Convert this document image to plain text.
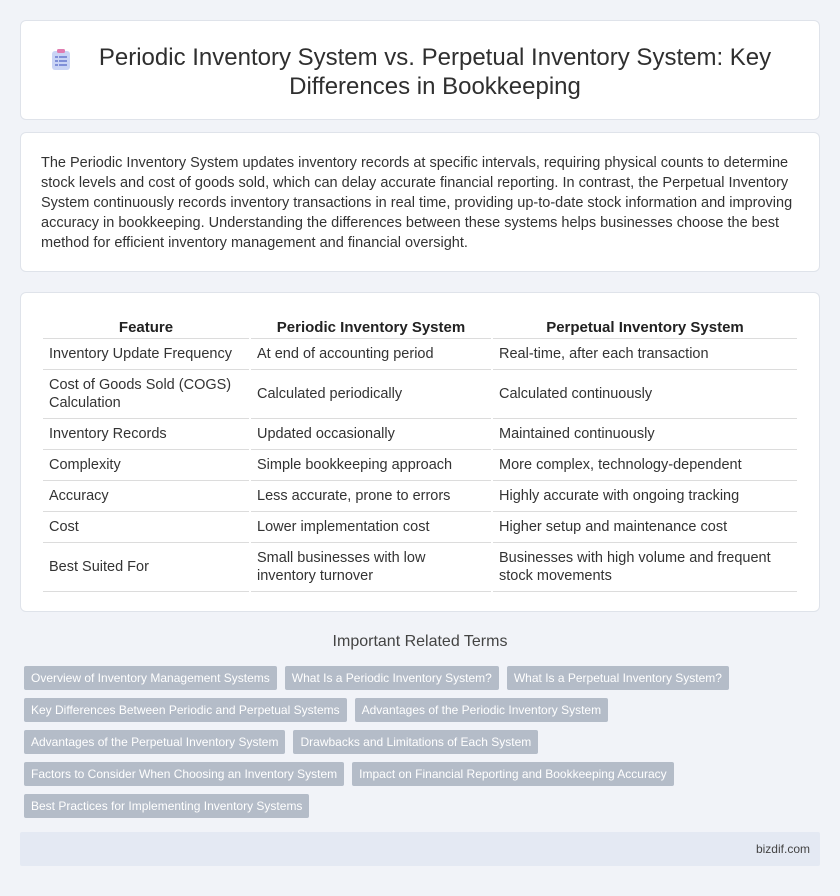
Periodic Inventory System vs. Perpetual Inventory System: Key Differences in Bookkeeping

The Periodic Inventory System updates inventory records at specific intervals, requiring physical counts to determine stock levels and cost of goods sold, which can delay accurate financial reporting. In contrast, the Perpetual Inventory System continuously records inventory transactions in real time, providing up-to-date stock information and improving accuracy in bookkeeping. Understanding the differences between these systems helps businesses choose the best method for efficient inventory management and financial oversight.

Feature	Periodic Inventory System	Perpetual Inventory System
Inventory Update Frequency	At end of accounting period	Real-time, after each transaction
Cost of Goods Sold (COGS) Calculation	Calculated periodically	Calculated continuously
Inventory Records	Updated occasionally	Maintained continuously
Complexity	Simple bookkeeping approach	More complex, technology-dependent
Accuracy	Less accurate, prone to errors	Highly accurate with ongoing tracking
Cost	Lower implementation cost	Higher setup and maintenance cost
Best Suited For	Small businesses with low inventory turnover	Businesses with high volume and frequent stock movements
Important Related Terms
Overview of Inventory Management Systems	What Is a Periodic Inventory System?	What Is a Perpetual Inventory System?
Key Differences Between Periodic and Perpetual Systems	Advantages of the Periodic Inventory System
Advantages of the Perpetual Inventory System	Drawbacks and Limitations of Each System
Factors to Consider When Choosing an Inventory System	Impact on Financial Reporting and Bookkeeping Accuracy
Best Practices for Implementing Inventory Systems
bizdif.com
